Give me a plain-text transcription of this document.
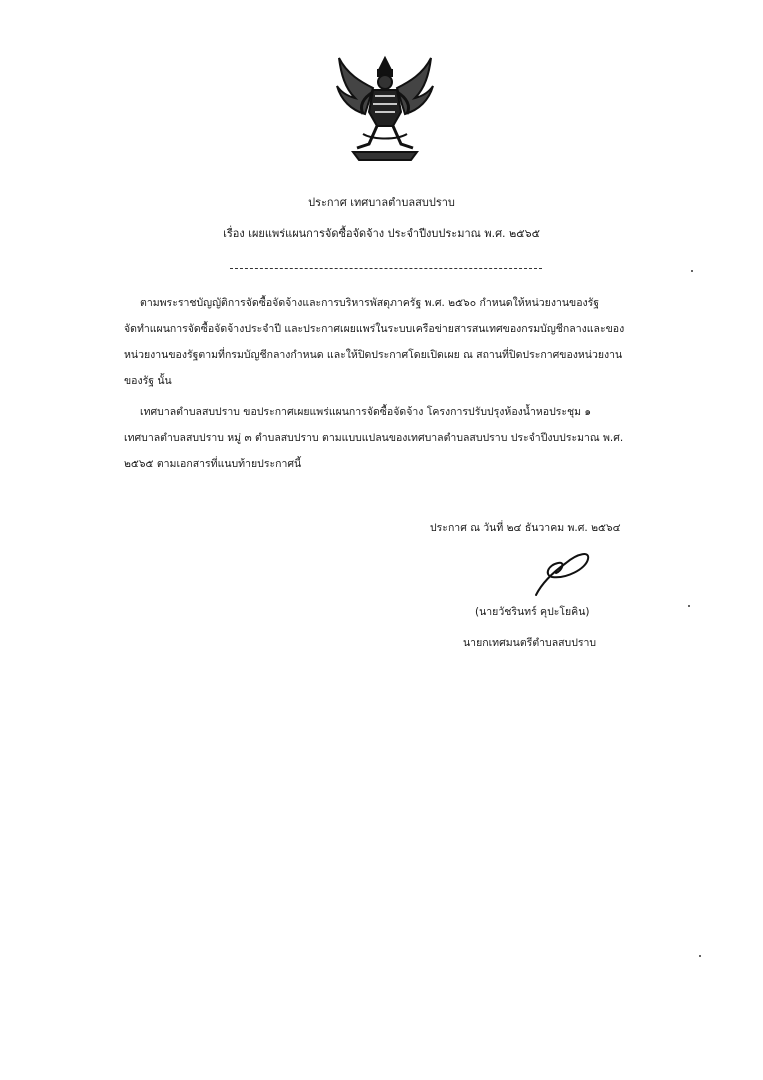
ประกาศ เทศบาลตำบลสบปราบ
เรื่อง เผยแพร่แผนการจัดซื้อจัดจ้าง ประจำปีงบประมาณ พ.ศ. ๒๕๖๕
ตามพระราชบัญญัติการจัดซื้อจัดจ้างและการบริหารพัสดุภาครัฐ พ.ศ. ๒๕๖๐ กำหนดให้หน่วยงานของรัฐ
จัดทำแผนการจัดซื้อจัดจ้างประจำปี และประกาศเผยแพร่ในระบบเครือข่ายสารสนเทศของกรมบัญชีกลางและของ
หน่วยงานของรัฐตามที่กรมบัญชีกลางกำหนด และให้ปิดประกาศโดยเปิดเผย ณ สถานที่ปิดประกาศของหน่วยงาน
ของรัฐ นั้น
เทศบาลตำบลสบปราบ ขอประกาศเผยแพร่แผนการจัดซื้อจัดจ้าง โครงการปรับปรุงห้องน้ำหอประชุม ๑
เทศบาลตำบลสบปราบ หมู่ ๓ ตำบลสบปราบ ตามแบบแปลนของเทศบาลตำบลสบปราบ ประจำปีงบประมาณ พ.ศ.
๒๕๖๕ ตามเอกสารที่แนบท้ายประกาศนี้
ประกาศ ณ วันที่ ๒๔ ธันวาคม พ.ศ. ๒๕๖๔
(นายวัชรินทร์ คุปะโยคิน)
นายกเทศมนตรีตำบลสบปราบ
